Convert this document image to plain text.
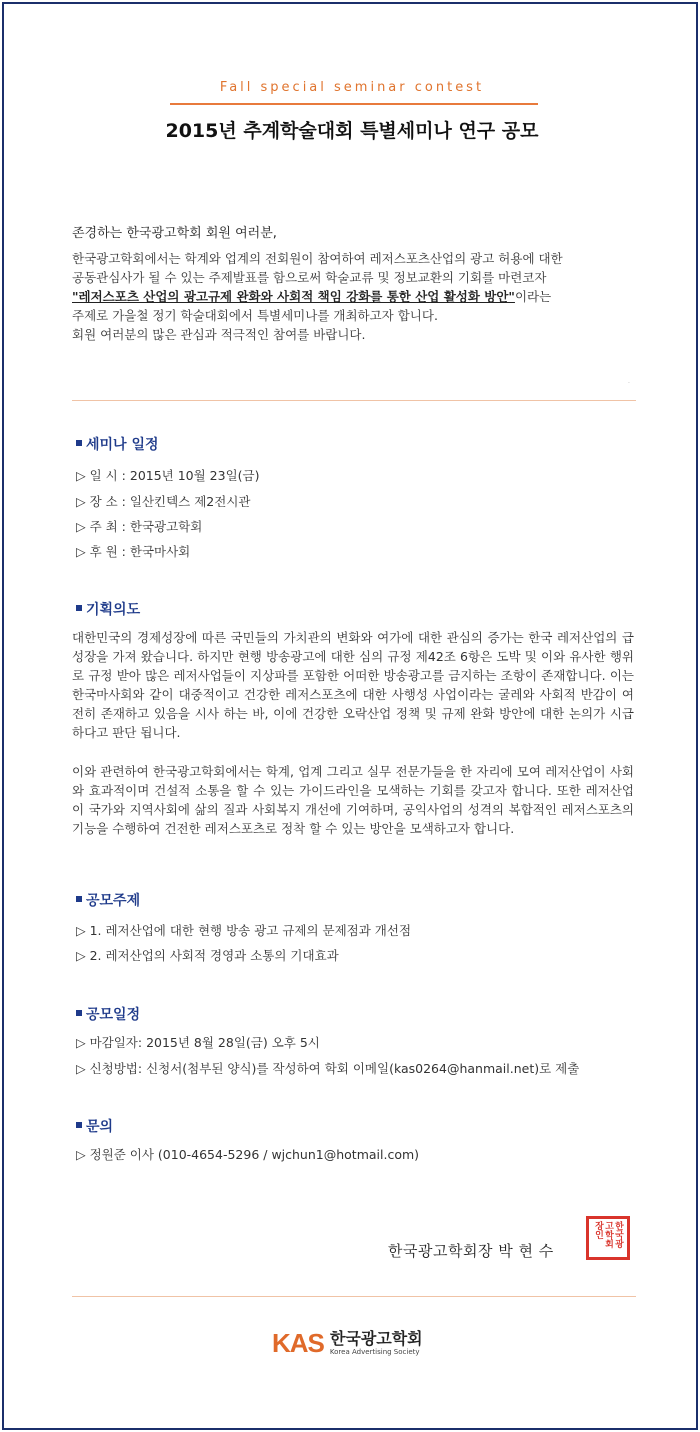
Fall special seminar contest
2015년 추계학술대회 특별세미나 연구 공모
존경하는 한국광고학회 회원 여러분,
한국광고학회에서는 학계와 업계의 전회원이 참여하여 레저스포츠산업의 광고 허용에 대한
공동관심사가 될 수 있는 주제발표를 함으로써 학술교류 및 정보교환의 기회를 마련코자
"레저스포츠 산업의 광고규제 완화와 사회적 책임 강화를 통한 산업 활성화 방안"이라는
주제로 가을철 정기 학술대회에서 특별세미나를 개최하고자 합니다.
회원 여러분의 많은 관심과 적극적인 참여를 바랍니다.
.
세미나 일정
▷ 일 시 : 2015년 10월 23일(금)
▷ 장 소 : 일산킨텍스 제2전시관
▷ 주 최 : 한국광고학회
▷ 후 원 : 한국마사회
기획의도
대한민국의 경제성장에 따른 국민들의 가치관의 변화와 여가에 대한 관심의 증가는 한국 레저산업의 급성장을 가져 왔습니다. 하지만 현행 방송광고에 대한 심의 규정 제42조 6항은 도박 및 이와 유사한 행위로 규정 받아 많은 레저사업들이 지상파를 포함한 어떠한 방송광고를 금지하는 조항이 존재합니다. 이는 한국마사회와 같이 대중적이고 건강한 레저스포츠에 대한 사행성 사업이라는 굴레와 사회적 반감이 여전히 존재하고 있음을 시사 하는 바, 이에 건강한 오락산업 정책 및 규제 완화 방안에 대한 논의가 시급하다고 판단 됩니다.
이와 관련하여 한국광고학회에서는 학계, 업계 그리고 실무 전문가들을 한 자리에 모여 레저산업이 사회와 효과적이며 건설적 소통을 할 수 있는 가이드라인을 모색하는 기회를 갖고자 합니다. 또한 레저산업이 국가와 지역사회에 삶의 질과 사회복지 개선에 기여하며, 공익사업의 성격의 복합적인 레저스포츠의 기능을 수행하여 건전한 레저스포츠로 정착 할 수 있는 방안을 모색하고자 합니다.
공모주제
▷ 1. 레저산업에 대한 현행 방송 광고 규제의 문제점과 개선점
▷ 2. 레저산업의 사회적 경영과 소통의 기대효과
공모일정
▷ 마감일자: 2015년 8월 28일(금) 오후 5시
▷ 신청방법: 신청서(첨부된 양식)를 작성하여 학회 이메일(kas0264@hanmail.net)로 제출
문의
▷ 정원준 이사 (010-4654-5296 / wjchun1@hotmail.com)
한국광고학회장 박 현 수
한국광고학회장인
KAS 한국광고학회
Korea Advertising Society
